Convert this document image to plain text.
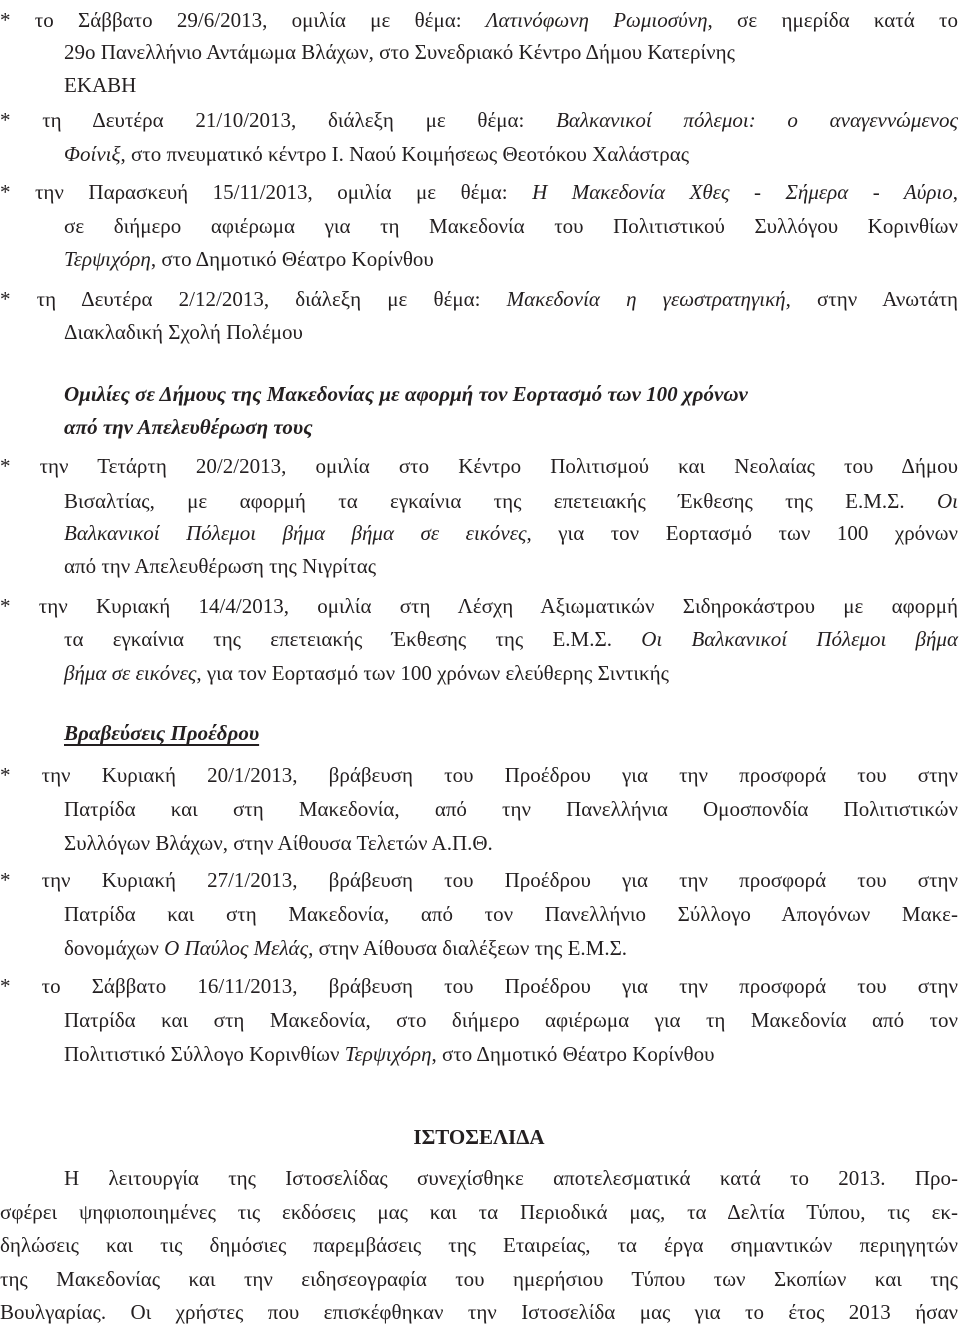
* το Σάββατο 29/6/2013, ομιλία με θέμα: Λατινόφωνη Ρωμιοσύνη, σε ημερίδα κατά το
29ο Πανελλήνιο Αντάμωμα Βλάχων, στο Συνεδριακό Κέντρο Δήμου Κατερίνης
ΕΚΑΒΗ
* τη Δευτέρα 21/10/2013, διάλεξη με θέμα: Βαλκανικοί πόλεμοι: ο αναγεννώμενος
Φοίνιξ, στο πνευματικό κέντρο Ι. Ναού Κοιμήσεως Θεοτόκου Χαλάστρας
* την Παρασκευή 15/11/2013, ομιλία με θέμα: Η Μακεδονία Χθες - Σήμερα - Αύριο,
σε διήμερο αφιέρωμα για τη Μακεδονία του Πολιτιστικού Συλλόγου Κορινθίων
Τερψιχόρη, στο Δημοτικό Θέατρο Κορίνθου
* τη Δευτέρα 2/12/2013, διάλεξη με θέμα: Μακεδονία η γεωστρατηγική, στην Ανωτάτη
Διακλαδική Σχολή Πολέμου
Ομιλίες σε Δήμους της Μακεδονίας με αφορμή τον Εορτασμό των 100 χρόνων
από την Απελευθέρωση τους
* την Τετάρτη 20/2/2013, ομιλία στο Κέντρο Πολιτισμού και Νεολαίας του Δήμου
Βισαλτίας, με αφορμή τα εγκαίνια της επετειακής Έκθεσης της Ε.Μ.Σ. Οι
Βαλκανικοί Πόλεμοι βήμα βήμα σε εικόνες, για τον Εορτασμό των 100 χρόνων
από την Απελευθέρωση της Νιγρίτας
* την Κυριακή 14/4/2013, ομιλία στη Λέσχη Αξιωματικών Σιδηροκάστρου με αφορμή
τα εγκαίνια της επετειακής Έκθεσης της Ε.Μ.Σ. Οι Βαλκανικοί Πόλεμοι βήμα
βήμα σε εικόνες, για τον Εορτασμό των 100 χρόνων ελεύθερης Σιντικής
Βραβεύσεις Προέδρου
* την Κυριακή 20/1/2013, βράβευση του Προέδρου για την προσφορά του στην
Πατρίδα και στη Μακεδονία, από την Πανελλήνια Ομοσπονδία Πολιτιστικών
Συλλόγων Βλάχων, στην Αίθουσα Τελετών Α.Π.Θ.
* την Κυριακή 27/1/2013, βράβευση του Προέδρου για την προσφορά του στην
Πατρίδα και στη Μακεδονία, από τον Πανελλήνιο Σύλλογο Απογόνων Μακε-
δονομάχων Ο Παύλος Μελάς, στην Αίθουσα διαλέξεων της Ε.Μ.Σ.
* το Σάββατο 16/11/2013, βράβευση του Προέδρου για την προσφορά του στην
Πατρίδα και στη Μακεδονία, στο διήμερο αφιέρωμα για τη Μακεδονία από τον
Πολιτιστικό Σύλλογο Κορινθίων Τερψιχόρη, στο Δημοτικό Θέατρο Κορίνθου
ΙΣΤΟΣΕΛΙΔΑ
Η λειτουργία της Ιστοσελίδας συνεχίσθηκε αποτελεσματικά κατά το 2013. Προ-
σφέρει ψηφιοποιημένες τις εκδόσεις μας και τα Περιοδικά μας, τα Δελτία Τύπου, τις εκ-
δηλώσεις και τις δημόσιες παρεμβάσεις της Εταιρείας, τα έργα σημαντικών περιηγητών
της Μακεδονίας και την ειδησεογραφία του ημερήσιου Τύπου των Σκοπίων και της
Βουλγαρίας. Οι χρήστες που επισκέφθηκαν την Ιστοσελίδα μας για το έτος 2013 ήσαν
